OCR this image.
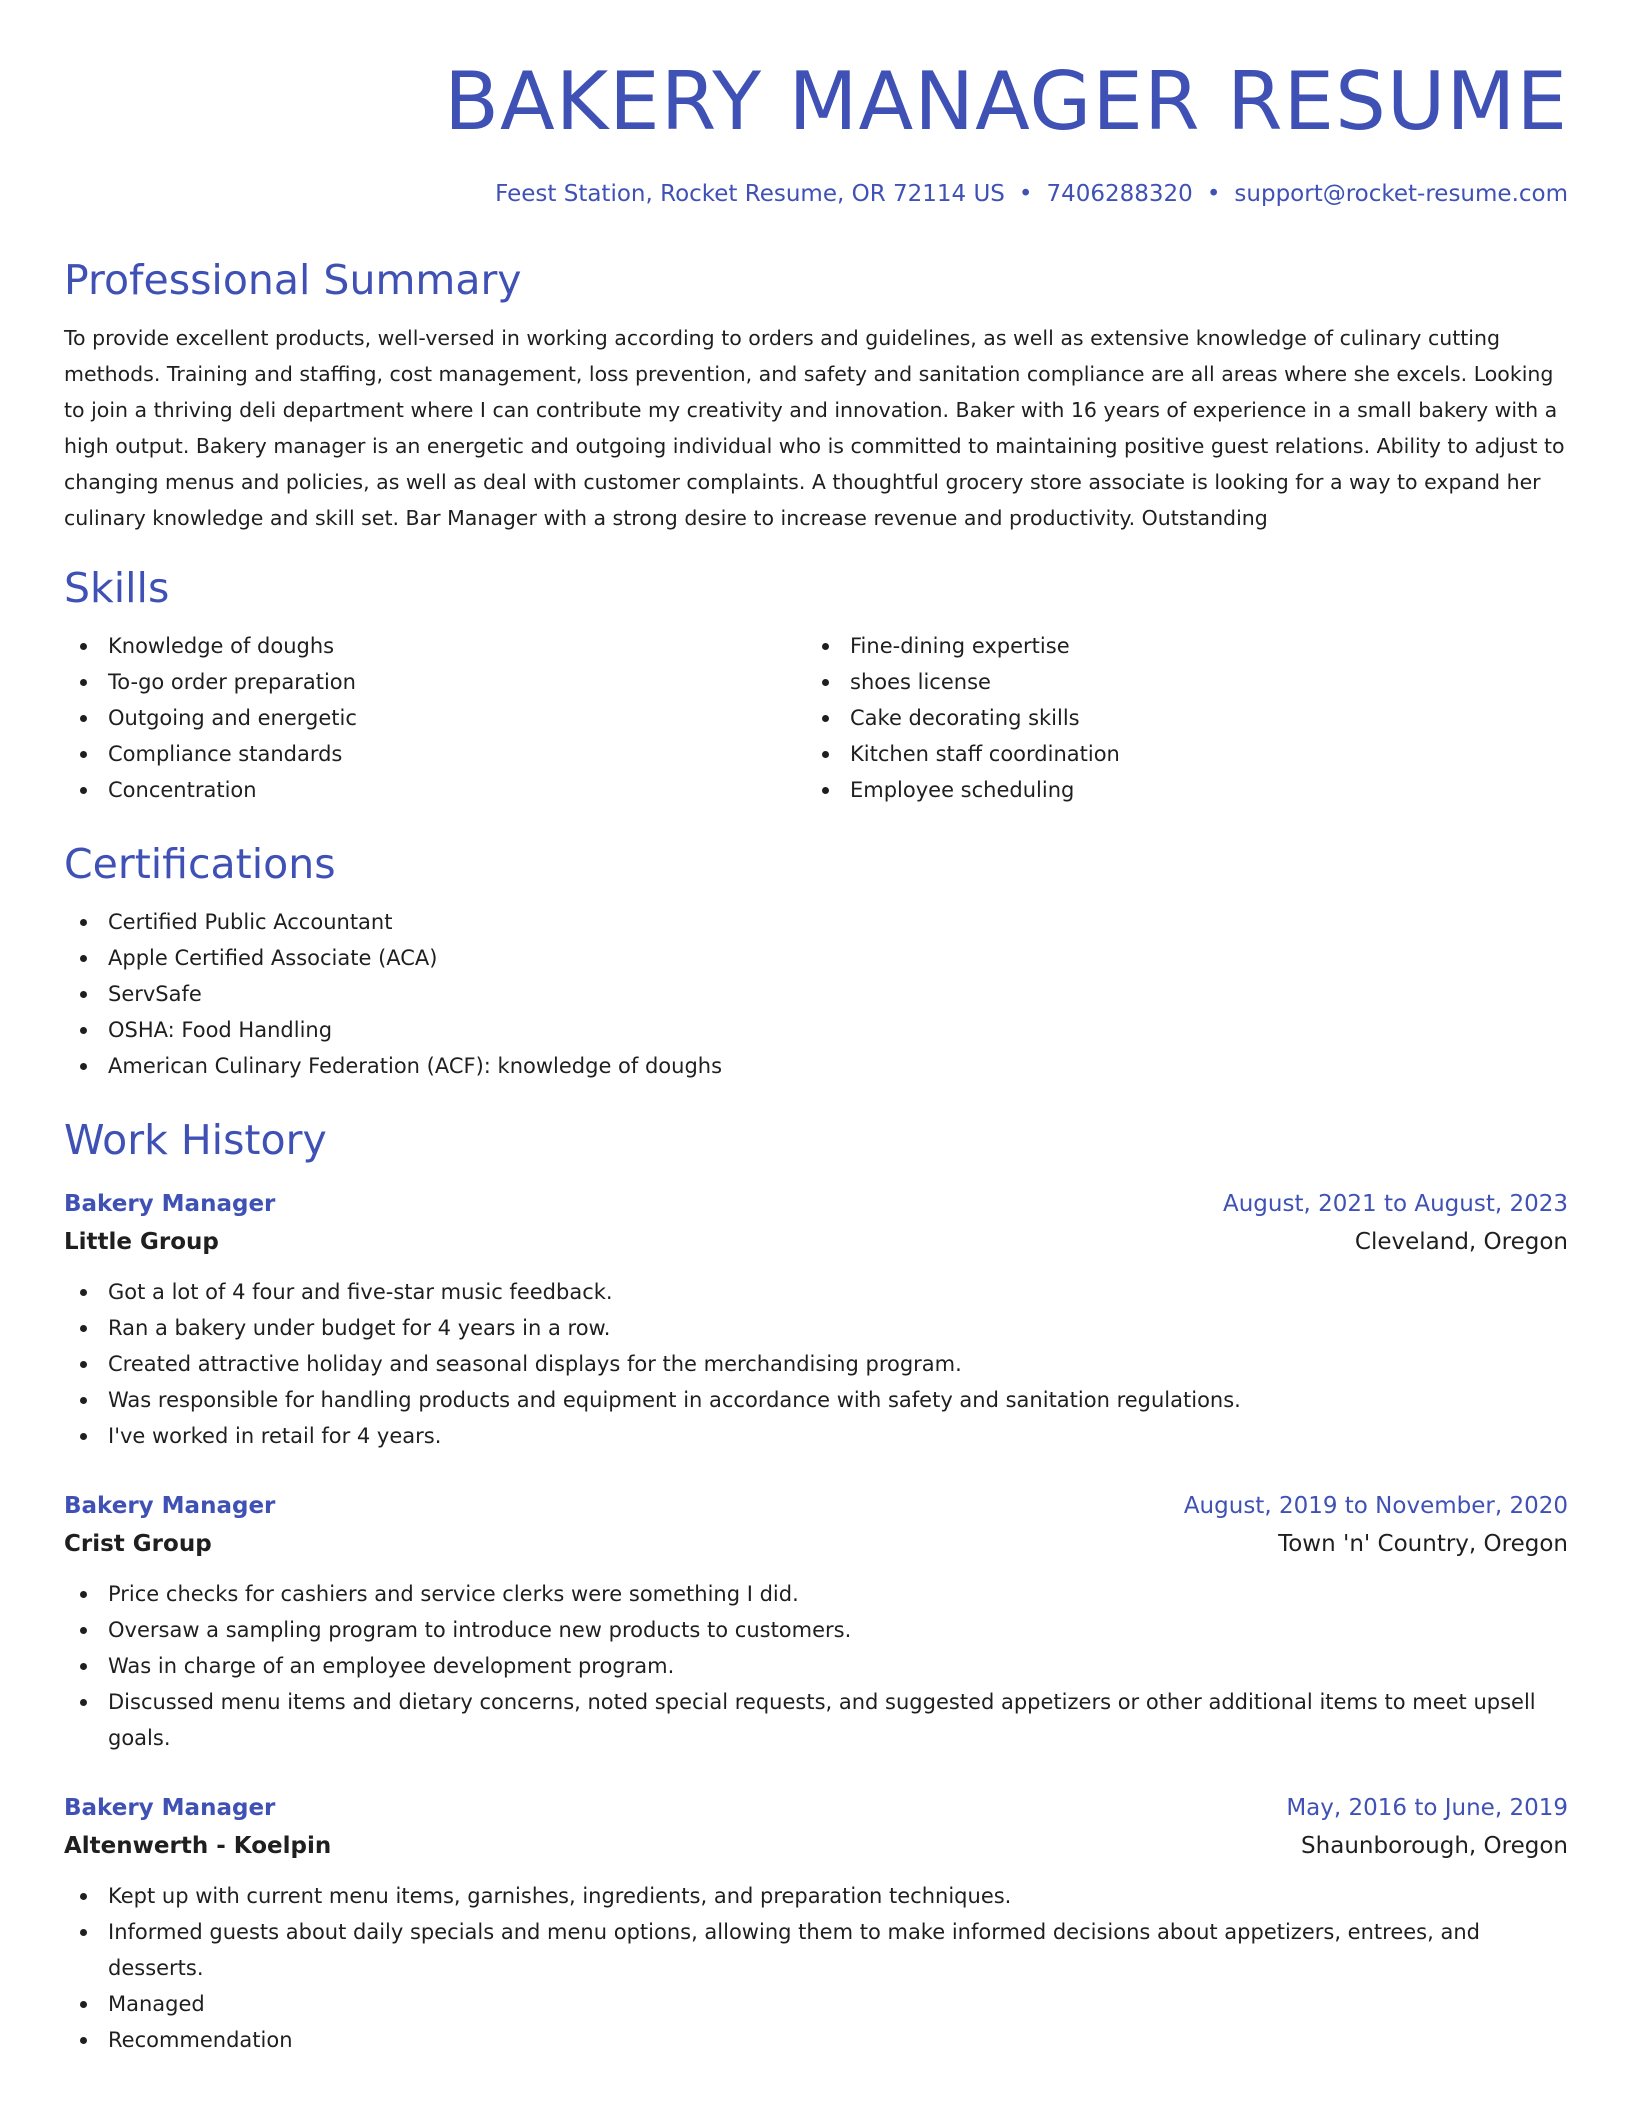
BAKERY MANAGER RESUME
Feest Station, Rocket Resume, OR 72114 US • 7406288320 • support@rocket-resume.com
Professional Summary
To provide excellent products, well-versed in working according to orders and guidelines, as well as extensive knowledge of culinary cutting methods. Training and staffing, cost management, loss prevention, and safety and sanitation compliance are all areas where she excels. Looking to join a thriving deli department where I can contribute my creativity and innovation. Baker with 16 years of experience in a small bakery with a high output. Bakery manager is an energetic and outgoing individual who is committed to maintaining positive guest relations. Ability to adjust to changing menus and policies, as well as deal with customer complaints. A thoughtful grocery store associate is looking for a way to expand her culinary knowledge and skill set. Bar Manager with a strong desire to increase revenue and productivity. Outstanding
Skills
Knowledge of doughs
To-go order preparation
Outgoing and energetic
Compliance standards
Concentration
Fine-dining expertise
shoes license
Cake decorating skills
Kitchen staff coordination
Employee scheduling
Certifications
Certified Public Accountant
Apple Certified Associate (ACA)
ServSafe
OSHA: Food Handling
American Culinary Federation (ACF): knowledge of doughs
Work History
Bakery Manager	August, 2021 to August, 2023
Little Group	Cleveland, Oregon
Got a lot of 4 four and five-star music feedback.
Ran a bakery under budget for 4 years in a row.
Created attractive holiday and seasonal displays for the merchandising program.
Was responsible for handling products and equipment in accordance with safety and sanitation regulations.
I've worked in retail for 4 years.
Bakery Manager	August, 2019 to November, 2020
Crist Group	Town 'n' Country, Oregon
Price checks for cashiers and service clerks were something I did.
Oversaw a sampling program to introduce new products to customers.
Was in charge of an employee development program.
Discussed menu items and dietary concerns, noted special requests, and suggested appetizers or other additional items to meet upsell goals.
Bakery Manager	May, 2016 to June, 2019
Altenwerth - Koelpin	Shaunborough, Oregon
Kept up with current menu items, garnishes, ingredients, and preparation techniques.
Informed guests about daily specials and menu options, allowing them to make informed decisions about appetizers, entrees, and desserts.
Managed
Recommendation
